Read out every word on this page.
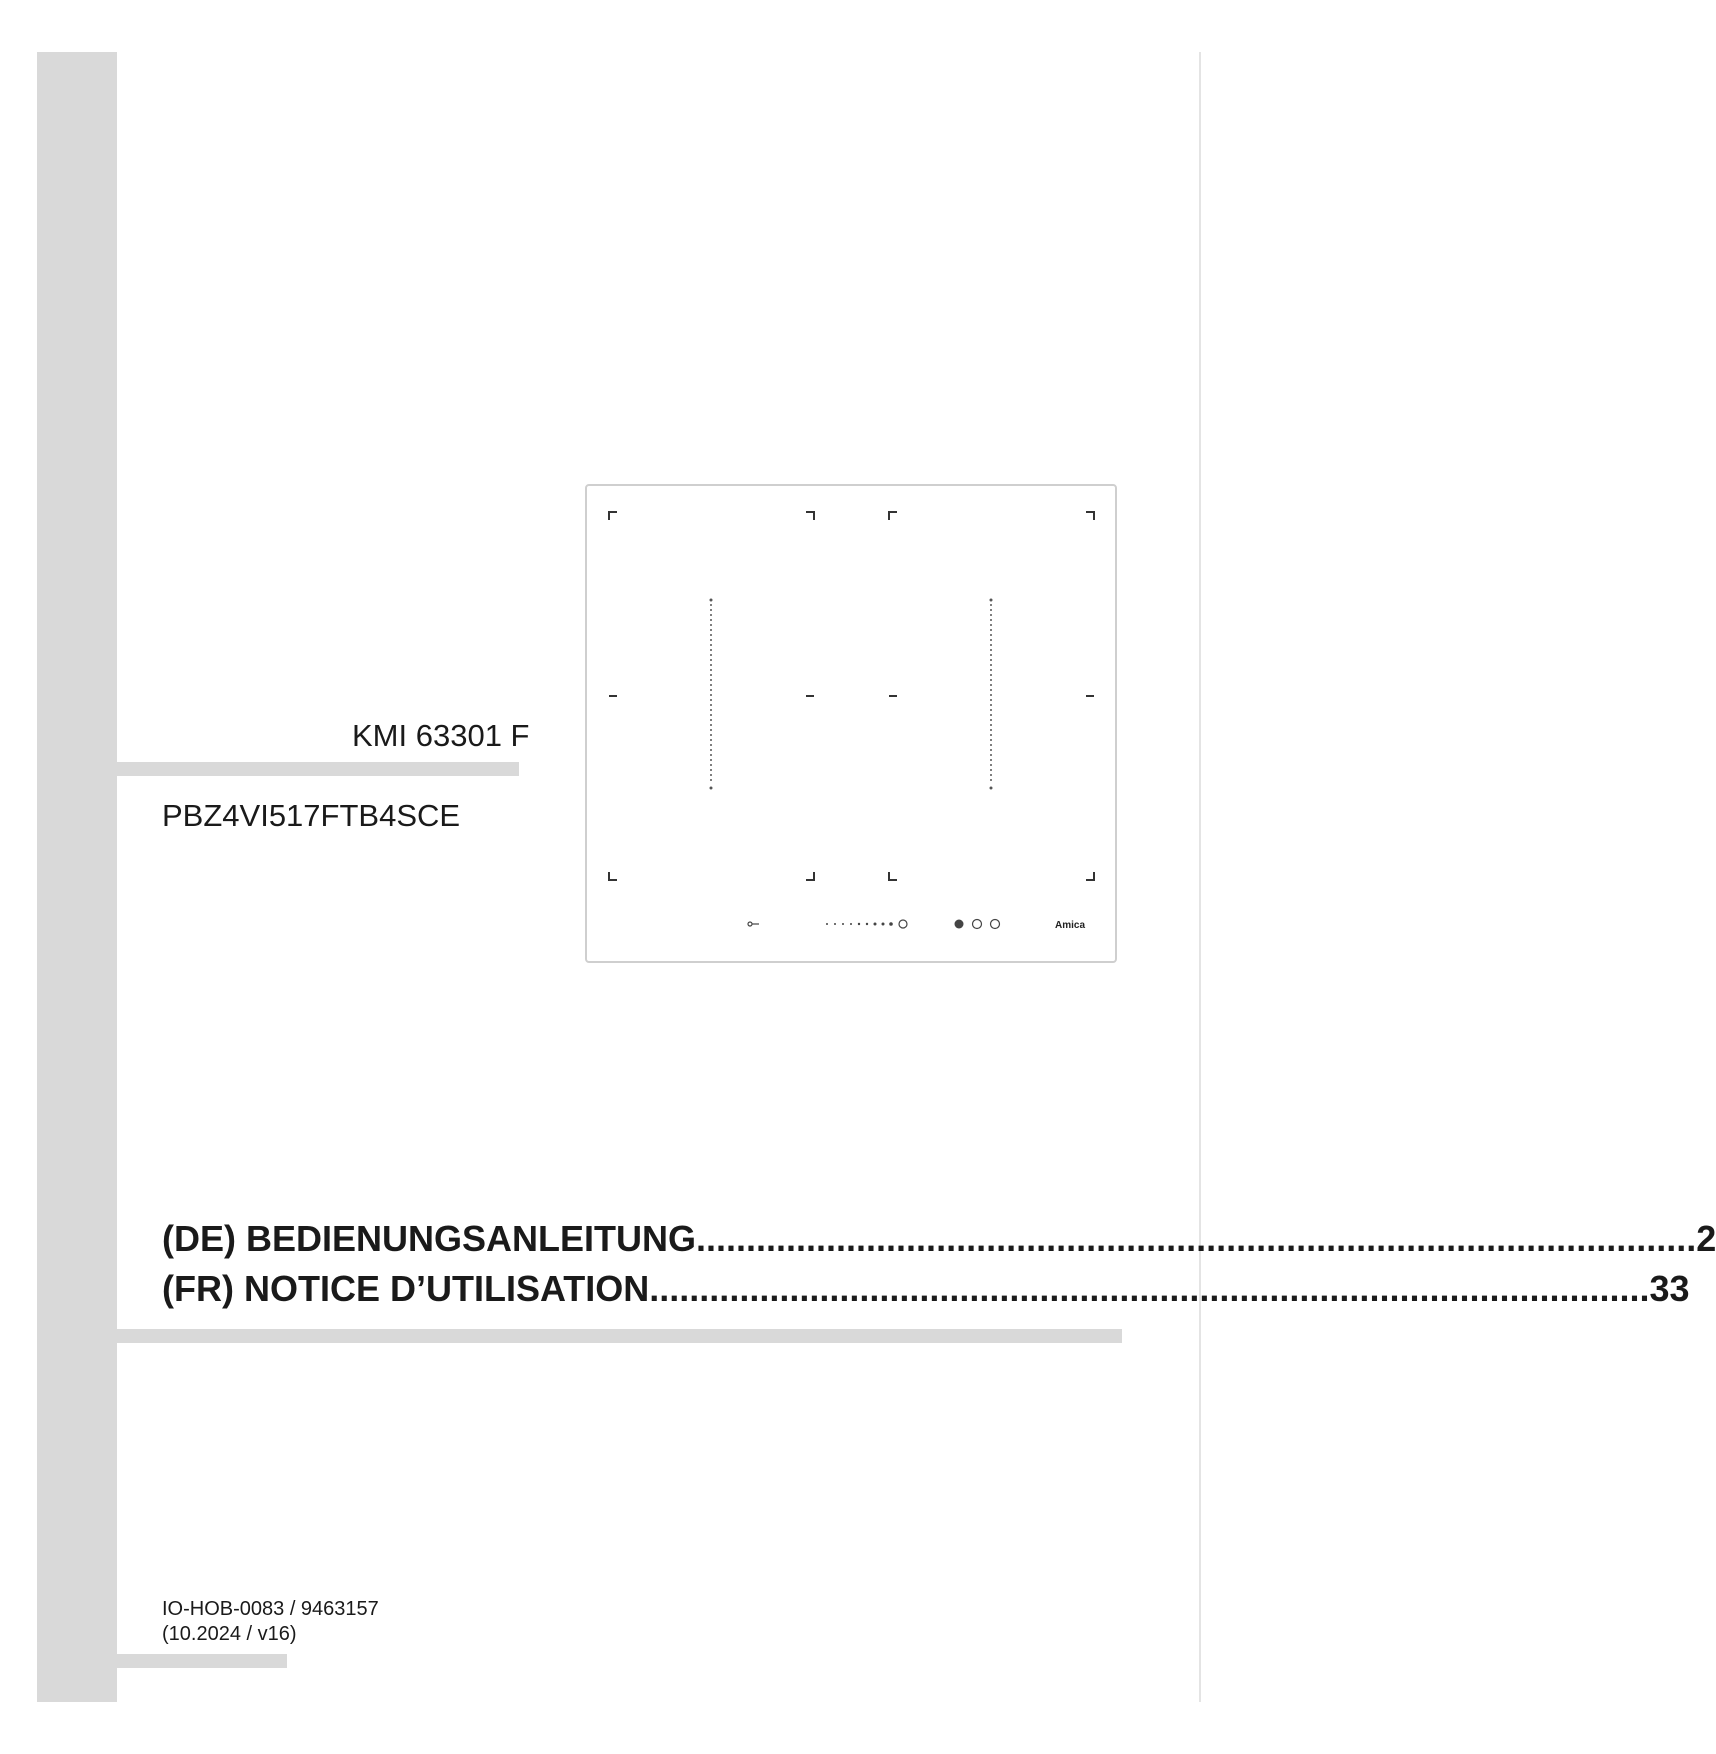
KMI 63301 F
PBZ4VI517FTB4SCE
Amica
(DE) BEDIENUNGSANLEITUNG .................................................................................................... 2
(FR) NOTICE D’UTILISATION .................................................................................................... 33
IO-HOB-0083 / 9463157
(10.2024 / v16)
